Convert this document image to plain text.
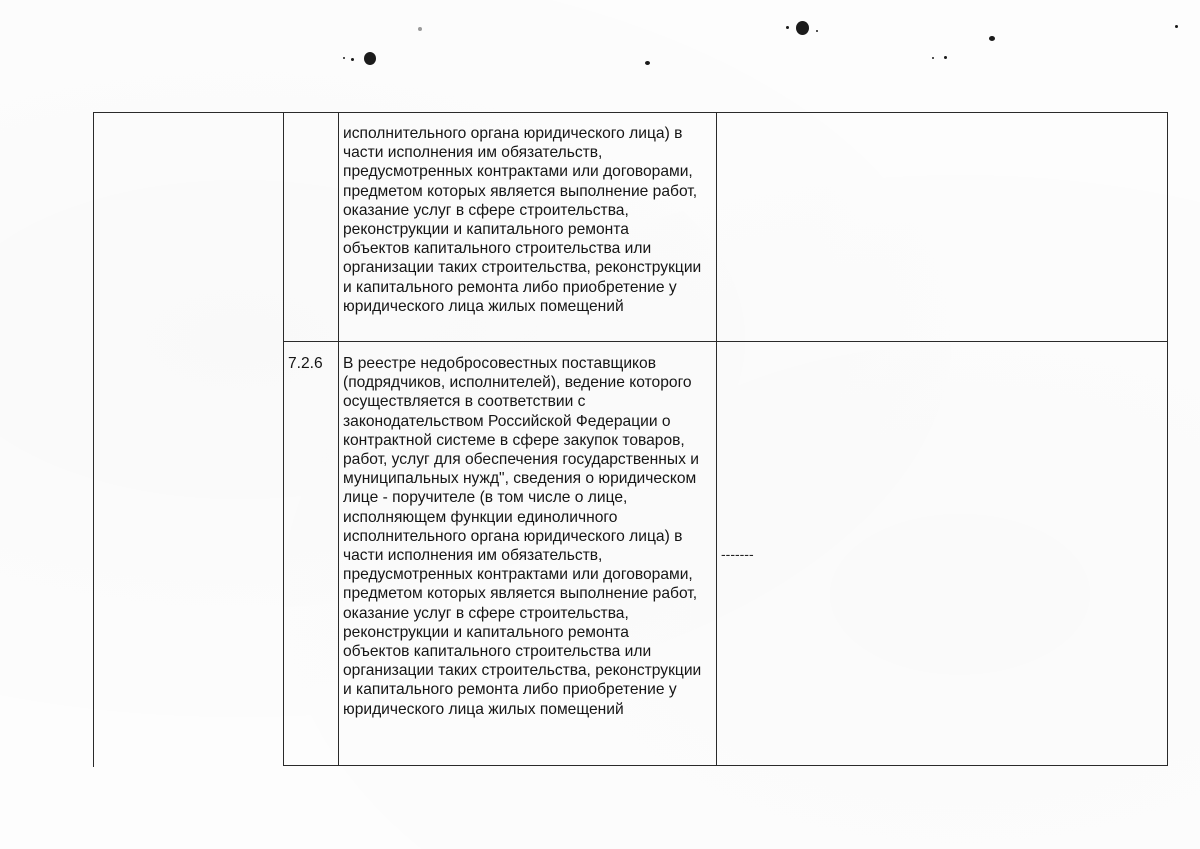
исполнительного органа юридического лица) в
части исполнения им обязательств,
предусмотренных контрактами или договорами,
предметом которых является выполнение работ,
оказание услуг в сфере строительства,
реконструкции и капитального ремонта
объектов капитального строительства или
организации таких строительства, реконструкции
и капитального ремонта либо приобретение у
юридического лица жилых помещений

7.2.6 В реестре недобросовестных поставщиков
(подрядчиков, исполнителей), ведение которого
осуществляется в соответствии с
законодательством Российской Федерации о
контрактной системе в сфере закупок товаров,
работ, услуг для обеспечения государственных и
муниципальных нужд", сведения о юридическом
лице - поручителе (в том числе о лице,
исполняющем функции единоличного
исполнительного органа юридического лица) в
части исполнения им обязательств,
предусмотренных контрактами или договорами,
предметом которых является выполнение работ,
оказание услуг в сфере строительства,
реконструкции и капитального ремонта
объектов капитального строительства или
организации таких строительства, реконструкции
и капитального ремонта либо приобретение у
юридического лица жилых помещений

-------
